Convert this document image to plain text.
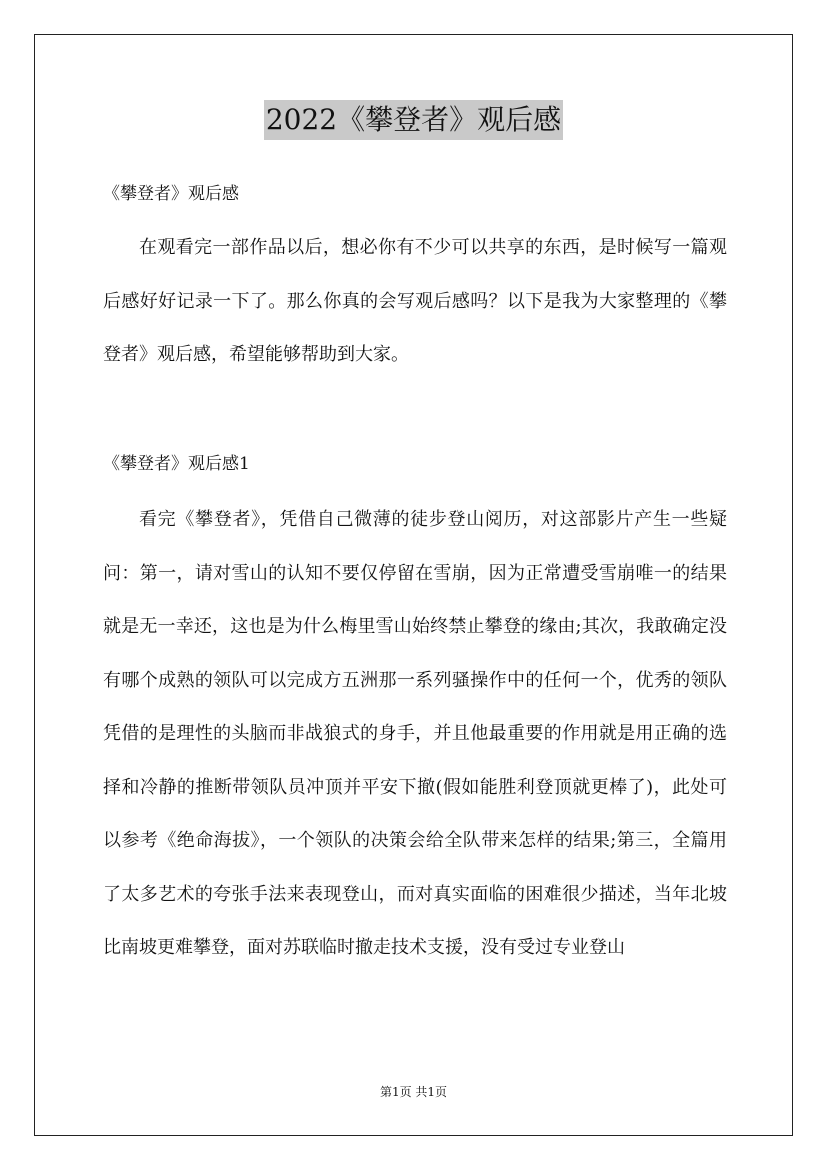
2022《攀登者》观后感
《攀登者》观后感
在观看完一部作品以后，想必你有不少可以共享的东西，是时候写一篇观后感好好记录一下了。那么你真的会写观后感吗？以下是我为大家整理的《攀登者》观后感，希望能够帮助到大家。
《攀登者》观后感1
看完《攀登者》，凭借自己微薄的徒步登山阅历，对这部影片产生一些疑问：第一，请对雪山的认知不要仅停留在雪崩，因为正常遭受雪崩唯一的结果就是无一幸还，这也是为什么梅里雪山始终禁止攀登的缘由;其次，我敢确定没有哪个成熟的领队可以完成方五洲那一系列骚操作中的任何一个，优秀的领队凭借的是理性的头脑而非战狼式的身手，并且他最重要的作用就是用正确的选择和冷静的推断带领队员冲顶并平安下撤(假如能胜利登顶就更棒了)，此处可以参考《绝命海拔》，一个领队的决策会给全队带来怎样的结果;第三，全篇用了太多艺术的夸张手法来表现登山，而对真实面临的困难很少描述，当年北坡比南坡更难攀登，面对苏联临时撤走技术支援，没有受过专业登山
第1页 共1页
